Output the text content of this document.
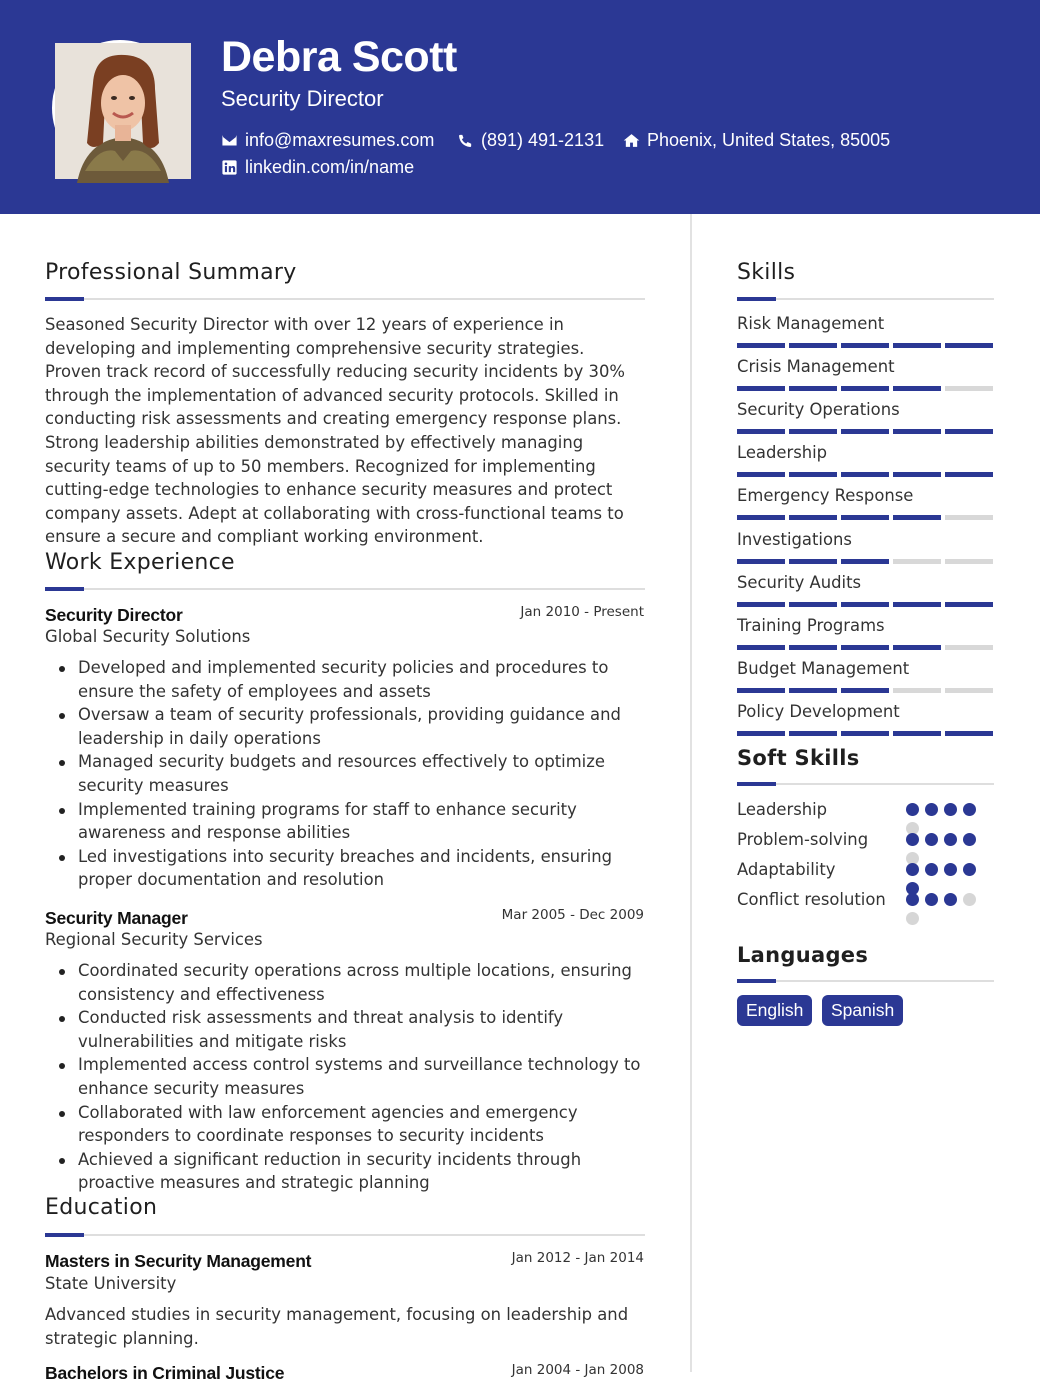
Debra Scott
Security Director
info@maxresumes.com	(891) 491-2131 Phoenix, United States, 85005
linkedin.com/in/name
Professional Summary
Seasoned Security Director with over 12 years of experience in developing and implementing comprehensive security strategies. Proven track record of successfully reducing security incidents by 30% through the implementation of advanced security protocols. Skilled in conducting risk assessments and creating emergency response plans. Strong leadership abilities demonstrated by effectively managing security teams of up to 50 members. Recognized for implementing cutting-edge technologies to enhance security measures and protect company assets. Adept at collaborating with cross-functional teams to ensure a secure and compliant working environment.
Work Experience
Security Director	Jan 2010 - Present
Global Security Solutions
Developed and implemented security policies and procedures to ensure the safety of employees and assets
Oversaw a team of security professionals, providing guidance and leadership in daily operations
Managed security budgets and resources effectively to optimize security measures
Implemented training programs for staff to enhance security awareness and response abilities
Led investigations into security breaches and incidents, ensuring proper documentation and resolution
Security Manager	Mar 2005 - Dec 2009
Regional Security Services
Coordinated security operations across multiple locations, ensuring consistency and effectiveness
Conducted risk assessments and threat analysis to identify vulnerabilities and mitigate risks
Implemented access control systems and surveillance technology to enhance security measures
Collaborated with law enforcement agencies and emergency responders to coordinate responses to security incidents
Achieved a significant reduction in security incidents through proactive measures and strategic planning
Education
Masters in Security Management	Jan 2012 - Jan 2014
State University
Advanced studies in security management, focusing on leadership and strategic planning.
Bachelors in Criminal Justice	Jan 2004 - Jan 2008
Skills
Risk Management
Crisis Management
Security Operations
Leadership
Emergency Response
Investigations
Security Audits
Training Programs
Budget Management
Policy Development
Soft Skills
Leadership
Problem-solving
Adaptability
Conflict resolution
Languages
English	Spanish
